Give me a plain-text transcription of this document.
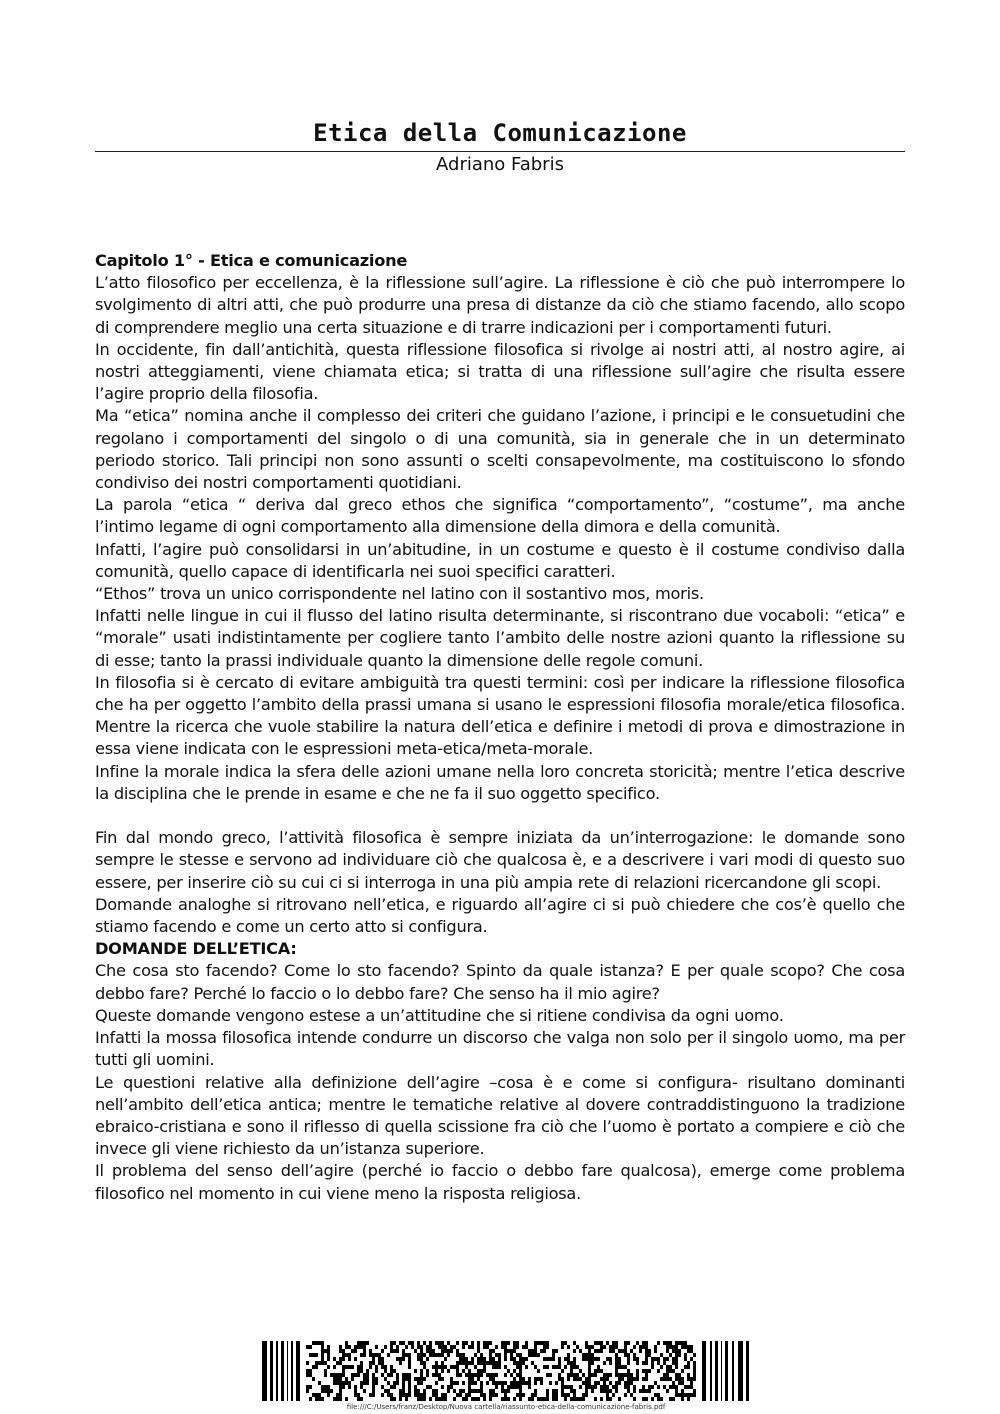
Etica della Comunicazione
Adriano Fabris

Capitolo 1° - Etica e comunicazione

L’atto filosofico per eccellenza, è la riflessione sull’agire. La riflessione è ciò che può interrompere lo svolgimento di altri atti, che può produrre una presa di distanze da ciò che stiamo facendo, allo scopo di comprendere meglio una certa situazione e di trarre indicazioni per i comportamenti futuri.

In occidente, fin dall’antichità, questa riflessione filosofica si rivolge ai nostri atti, al nostro agire, ai nostri atteggiamenti, viene chiamata etica; si tratta di una riflessione sull’agire che risulta essere l’agire proprio della filosofia.

Ma “etica” nomina anche il complesso dei criteri che guidano l’azione, i principi e le consuetudini che regolano i comportamenti del singolo o di una comunità, sia in generale che in un determinato periodo storico. Tali principi non sono assunti o scelti consapevolmente, ma costituiscono lo sfondo condiviso dei nostri comportamenti quotidiani.

La parola “etica “ deriva dal greco ethos che significa “comportamento”, “costume”, ma anche l’intimo legame di ogni comportamento alla dimensione della dimora e della comunità.

Infatti, l’agire può consolidarsi in un’abitudine, in un costume e questo è il costume condiviso dalla comunità, quello capace di identificarla nei suoi specifici caratteri.

“Ethos” trova un unico corrispondente nel latino con il sostantivo mos, moris.

Infatti nelle lingue in cui il flusso del latino risulta determinante, si riscontrano due vocaboli: “etica” e “morale” usati indistintamente per cogliere tanto l’ambito delle nostre azioni quanto la riflessione su di esse; tanto la prassi individuale quanto la dimensione delle regole comuni.

In filosofia si è cercato di evitare ambiguità tra questi termini: così per indicare la riflessione filosofica che ha per oggetto l’ambito della prassi umana si usano le espressioni filosofia morale/etica filosofica. Mentre la ricerca che vuole stabilire la natura dell’etica e definire i metodi di prova e dimostrazione in essa viene indicata con le espressioni meta-etica/meta-morale.

Infine la morale indica la sfera delle azioni umane nella loro concreta storicità; mentre l’etica descrive la disciplina che le prende in esame e che ne fa il suo oggetto specifico.

Fin dal mondo greco, l’attività filosofica è sempre iniziata da un’interrogazione: le domande sono sempre le stesse e servono ad individuare ciò che qualcosa è, e a descrivere i vari modi di questo suo essere, per inserire ciò su cui ci si interroga in una più ampia rete di relazioni ricercandone gli scopi.

Domande analoghe si ritrovano nell’etica, e riguardo all’agire ci si può chiedere che cos’è quello che stiamo facendo e come un certo atto si configura.

DOMANDE DELL’ETICA:

Che cosa sto facendo? Come lo sto facendo? Spinto da quale istanza? E per quale scopo? Che cosa debbo fare? Perché lo faccio o lo debbo fare? Che senso ha il mio agire?

Queste domande vengono estese a un’attitudine che si ritiene condivisa da ogni uomo.

Infatti la mossa filosofica intende condurre un discorso che valga non solo per il singolo uomo, ma per tutti gli uomini.

Le questioni relative alla definizione dell’agire –cosa è e come si configura- risultano dominanti nell’ambito dell’etica antica; mentre le tematiche relative al dovere contraddistinguono la tradizione ebraico-cristiana e sono il riflesso di quella scissione fra ciò che l’uomo è portato a compiere e ciò che invece gli viene richiesto da un’istanza superiore.

Il problema del senso dell’agire (perché io faccio o debbo fare qualcosa), emerge come problema filosofico nel momento in cui viene meno la risposta religiosa.

file:///C:/Users/franz/Desktop/Nuova cartella/riassunto-etica-della-comunicazione-fabris.pdf
